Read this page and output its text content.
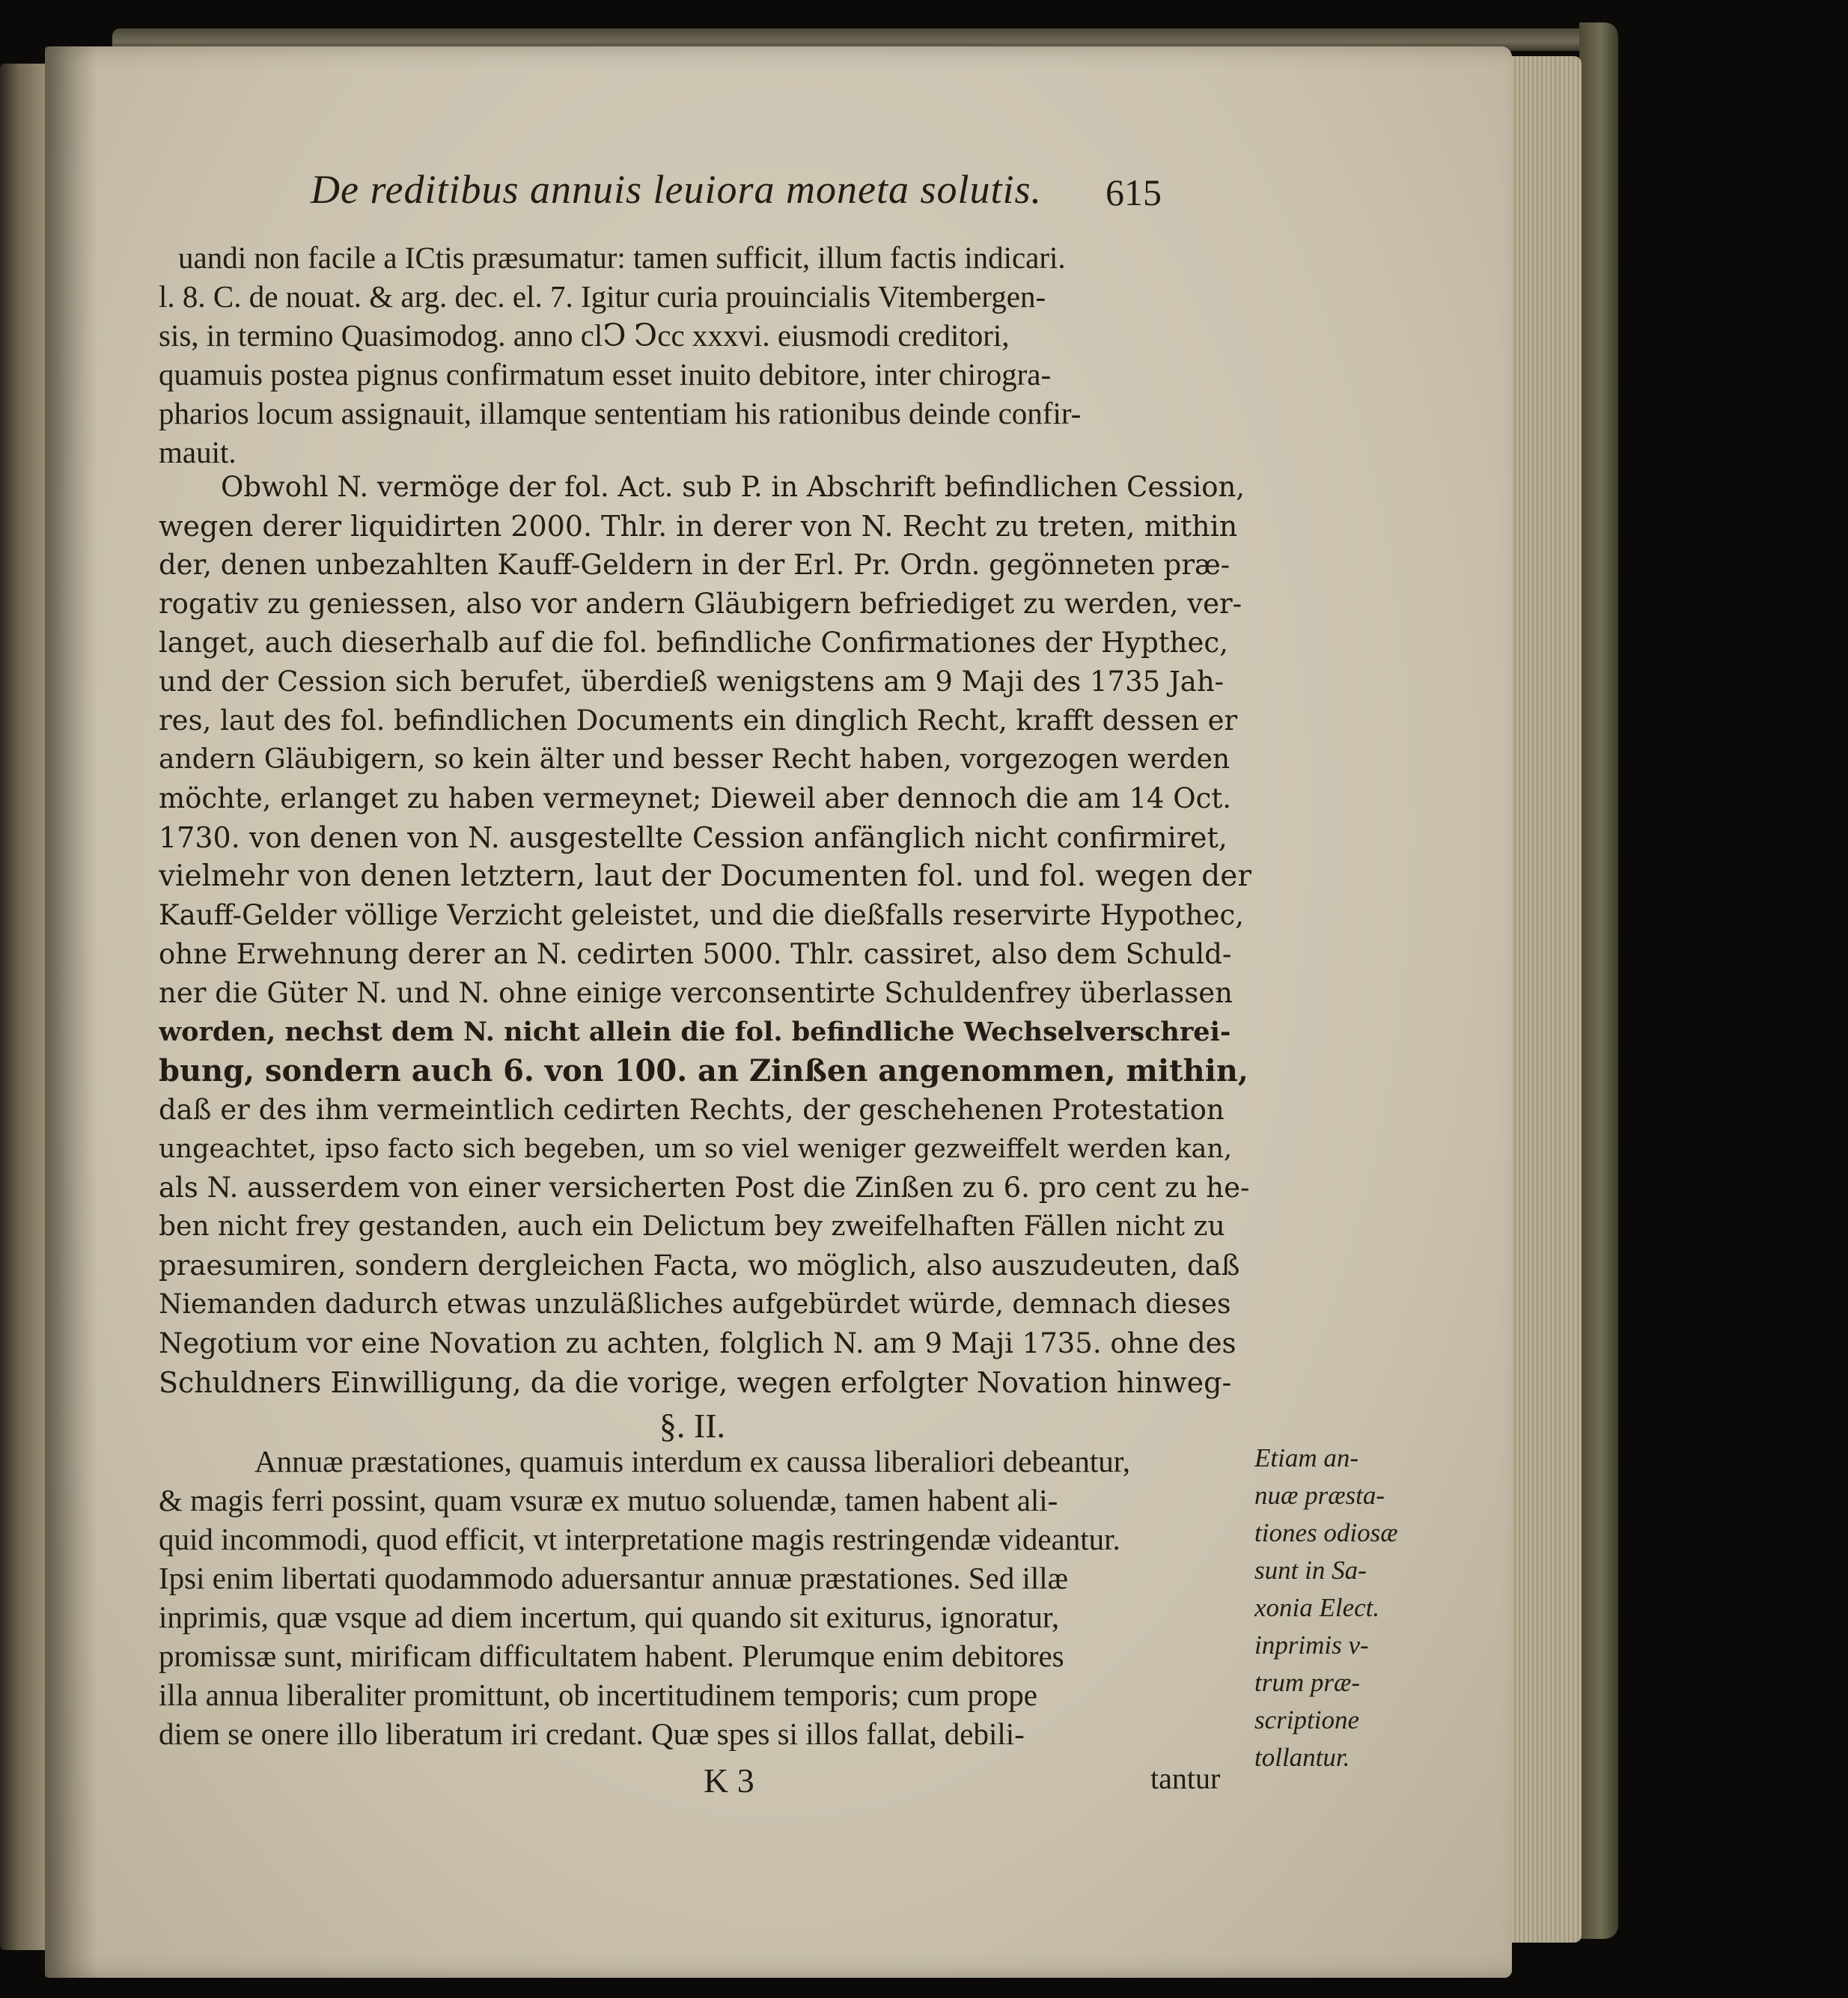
De reditibus annuis leuiora moneta solutis.	615
uandi non facile a ICtis præsumatur: tamen sufficit, illum factis indicari.
l. 8. C. de nouat. & arg. dec. el. 7. Igitur curia prouincialis Vitembergen-
sis, in termino Quasimodog. anno clↃ Ↄcc xxxvi. eiusmodi creditori,
quamuis postea pignus confirmatum esset inuito debitore, inter chirogra-
pharios locum assignauit, illamque sententiam his rationibus deinde confir-
mauit.
Obwohl N. vermöge der fol. Act. sub P. in Abschrift befindlichen Cession,
wegen derer liquidirten 2000. Thlr. in derer von N. Recht zu treten, mithin
der, denen unbezahlten Kauff-Geldern in der Erl. Pr. Ordn. gegönneten præ-
rogativ zu geniessen, also vor andern Gläubigern befriediget zu werden, ver-
langet, auch dieserhalb auf die fol. befindliche Confirmationes der Hypthec,
und der Cession sich berufet, überdieß wenigstens am 9 Maji des 1735 Jah-
res, laut des fol. befindlichen Documents ein dinglich Recht, krafft dessen er
andern Gläubigern, so kein älter und besser Recht haben, vorgezogen werden
möchte, erlanget zu haben vermeynet; Dieweil aber dennoch die am 14 Oct.
1730. von denen von N. ausgestellte Cession anfänglich nicht confirmiret,
vielmehr von denen letztern, laut der Documenten fol. und fol. wegen der
Kauff-Gelder völlige Verzicht geleistet, und die dießfalls reservirte Hypothec,
ohne Erwehnung derer an N. cedirten 5000. Thlr. cassiret, also dem Schuld-
ner die Güter N. und N. ohne einige verconsentirte Schuldenfrey überlassen
worden, nechst dem N. nicht allein die fol. befindliche Wechselverschrei-
bung, sondern auch 6. von 100. an Zinßen angenommen, mithin,
daß er des ihm vermeintlich cedirten Rechts, der geschehenen Protestation
ungeachtet, ipso facto sich begeben, um so viel weniger gezweiffelt werden kan,
als N. ausserdem von einer versicherten Post die Zinßen zu 6. pro cent zu he-
ben nicht frey gestanden, auch ein Delictum bey zweifelhaften Fällen nicht zu
praesumiren, sondern dergleichen Facta, wo möglich, also auszudeuten, daß
Niemanden dadurch etwas unzuläßliches aufgebürdet würde, demnach dieses
Negotium vor eine Novation zu achten, folglich N. am 9 Maji 1735. ohne des
Schuldners Einwilligung, da die vorige, wegen erfolgter Novation hinweg-
§. II.
Annuæ præstationes, quamuis interdum ex caussa liberaliori debeantur,
& magis ferri possint, quam vsuræ ex mutuo soluendæ, tamen habent ali-
quid incommodi, quod efficit, vt interpretatione magis restringendæ videantur.
Ipsi enim libertati quodammodo aduersantur annuæ præstationes. Sed illæ
inprimis, quæ vsque ad diem incertum, qui quando sit exiturus, ignoratur,
promissæ sunt, mirificam difficultatem habent. Plerumque enim debitores
illa annua liberaliter promittunt, ob incertitudinem temporis; cum prope
diem se onere illo liberatum iri credant. Quæ spes si illos fallat, debili-
Etiam an-
nuæ præsta-
tiones odiosæ
sunt in Sa-
xonia Elect.
inprimis v-
trum præ-
scriptione
tollantur.
K 3	tantur
